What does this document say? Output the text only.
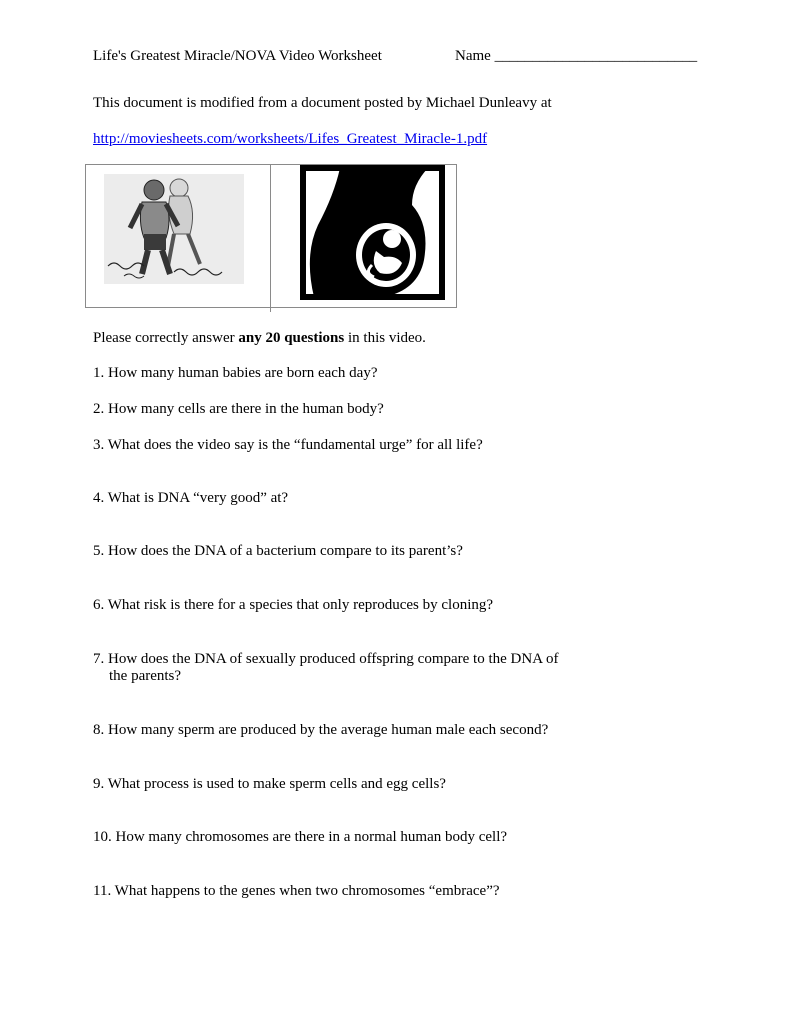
Life's Greatest Miracle/NOVA Video Worksheet	Name ___________________________
This document is modified from a document posted by Michael Dunleavy at
http://moviesheets.com/worksheets/Lifes_Greatest_Miracle-1.pdf
Please correctly answer any 20 questions in this video.
1. How many human babies are born each day?
2. How many cells are there in the human body?
3. What does the video say is the “fundamental urge” for all life?
4. What is DNA “very good” at?
5. How does the DNA of a bacterium compare to its parent’s?
6. What risk is there for a species that only reproduces by cloning?
7. How does the DNA of sexually produced offspring compare to the DNA of
the parents?
8. How many sperm are produced by the average human male each second?
9. What process is used to make sperm cells and egg cells?
10. How many chromosomes are there in a normal human body cell?
11. What happens to the genes when two chromosomes “embrace”?
